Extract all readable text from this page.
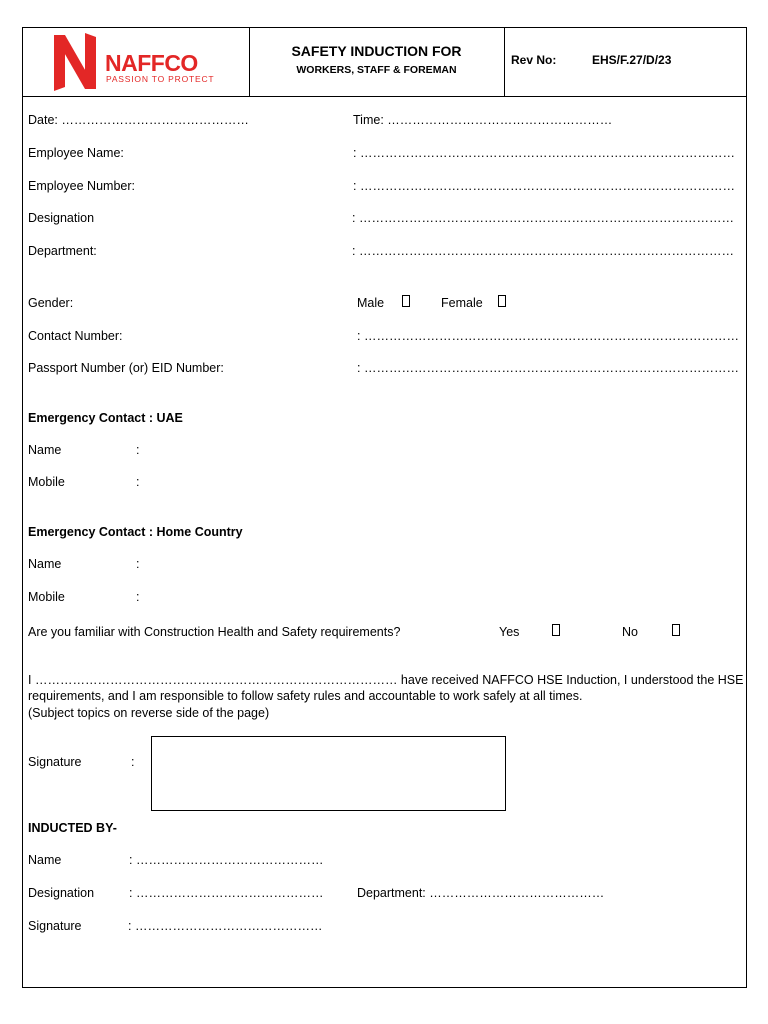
NAFFCO
PASSION TO PROTECT
SAFETY INDUCTION FOR
WORKERS, STAFF & FOREMAN
Rev No:	EHS/F.27/D/23
Date: ………………………………………	Time: ………………………………………………
Employee Name:	: ………………………………………………………………………………
Employee Number:	: ………………………………………………………………………………
Designation	: ………………………………………………………………………………
Department:	: ………………………………………………………………………………
Gender:	Male	Female
Contact Number:	: ………………………………………………………………………………
Passport Number (or) EID Number:	: ………………………………………………………………………………
Emergency Contact : UAE
Name	:
Mobile	:
Emergency Contact : Home Country
Name	:
Mobile	:
Are you familiar with Construction Health and Safety requirements?	Yes	No
I …………………………………………………………………………… have received NAFFCO HSE Induction, I understood the HSE
requirements, and I am responsible to follow safety rules and accountable to work safely at all times.
(Subject topics on reverse side of the page)
Signature	:
INDUCTED BY-
Name	: ………………………………………
Designation	: ………………………………………	Department: ……………………………………
Signature	: ………………………………………
